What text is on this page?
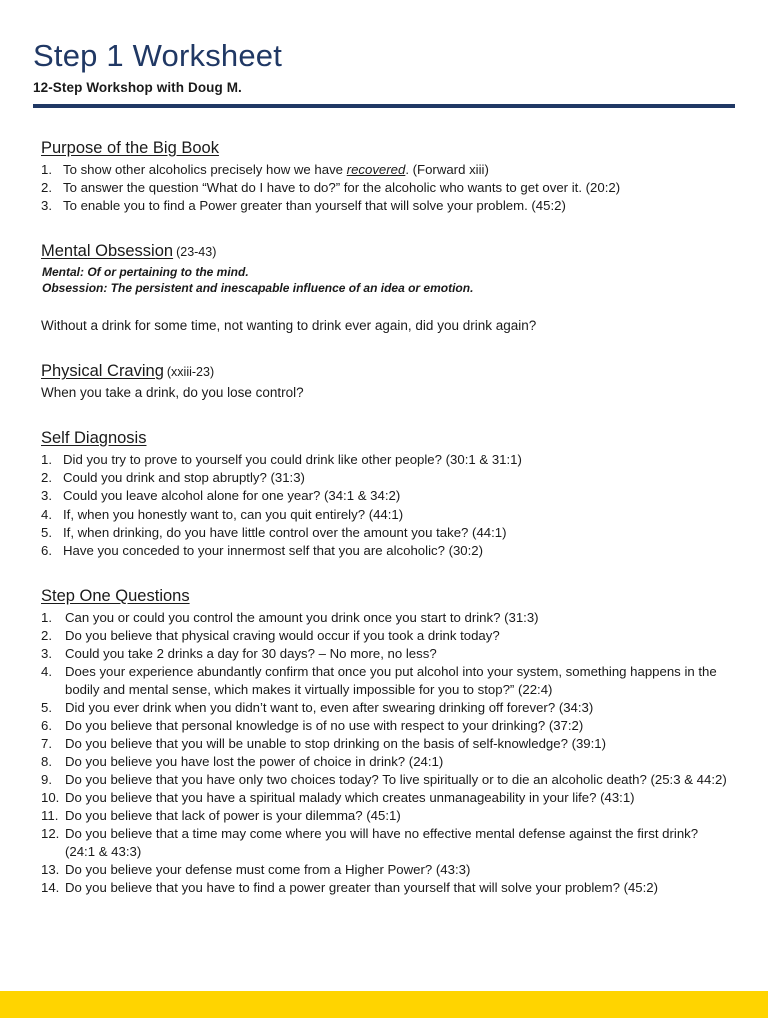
Step 1 Worksheet
12-Step Workshop with Doug M.
Purpose of the Big Book
1. To show other alcoholics precisely how we have recovered. (Forward xiii)
2. To answer the question “What do I have to do?” for the alcoholic who wants to get over it. (20:2)
3. To enable you to find a Power greater than yourself that will solve your problem. (45:2)
Mental Obsession (23-43)
Mental: Of or pertaining to the mind.
Obsession: The persistent and inescapable influence of an idea or emotion.
Without a drink for some time, not wanting to drink ever again, did you drink again?
Physical Craving (xxiii-23)
When you take a drink, do you lose control?
Self Diagnosis
1. Did you try to prove to yourself you could drink like other people? (30:1 & 31:1)
2. Could you drink and stop abruptly? (31:3)
3. Could you leave alcohol alone for one year? (34:1 & 34:2)
4. If, when you honestly want to, can you quit entirely? (44:1)
5. If, when drinking, do you have little control over the amount you take? (44:1)
6. Have you conceded to your innermost self that you are alcoholic? (30:2)
Step One Questions
1. Can you or could you control the amount you drink once you start to drink? (31:3)
2. Do you believe that physical craving would occur if you took a drink today?
3. Could you take 2 drinks a day for 30 days? – No more, no less?
4. Does your experience abundantly confirm that once you put alcohol into your system, something happens in the bodily and mental sense, which makes it virtually impossible for you to stop?” (22:4)
5. Did you ever drink when you didn’t want to, even after swearing drinking off forever? (34:3)
6. Do you believe that personal knowledge is of no use with respect to your drinking? (37:2)
7. Do you believe that you will be unable to stop drinking on the basis of self-knowledge? (39:1)
8. Do you believe you have lost the power of choice in drink? (24:1)
9. Do you believe that you have only two choices today? To live spiritually or to die an alcoholic death? (25:3 & 44:2)
10. Do you believe that you have a spiritual malady which creates unmanageability in your life? (43:1)
11. Do you believe that lack of power is your dilemma? (45:1)
12. Do you believe that a time may come where you will have no effective mental defense against the first drink? (24:1 & 43:3)
13. Do you believe your defense must come from a Higher Power? (43:3)
14. Do you believe that you have to find a power greater than yourself that will solve your problem? (45:2)
